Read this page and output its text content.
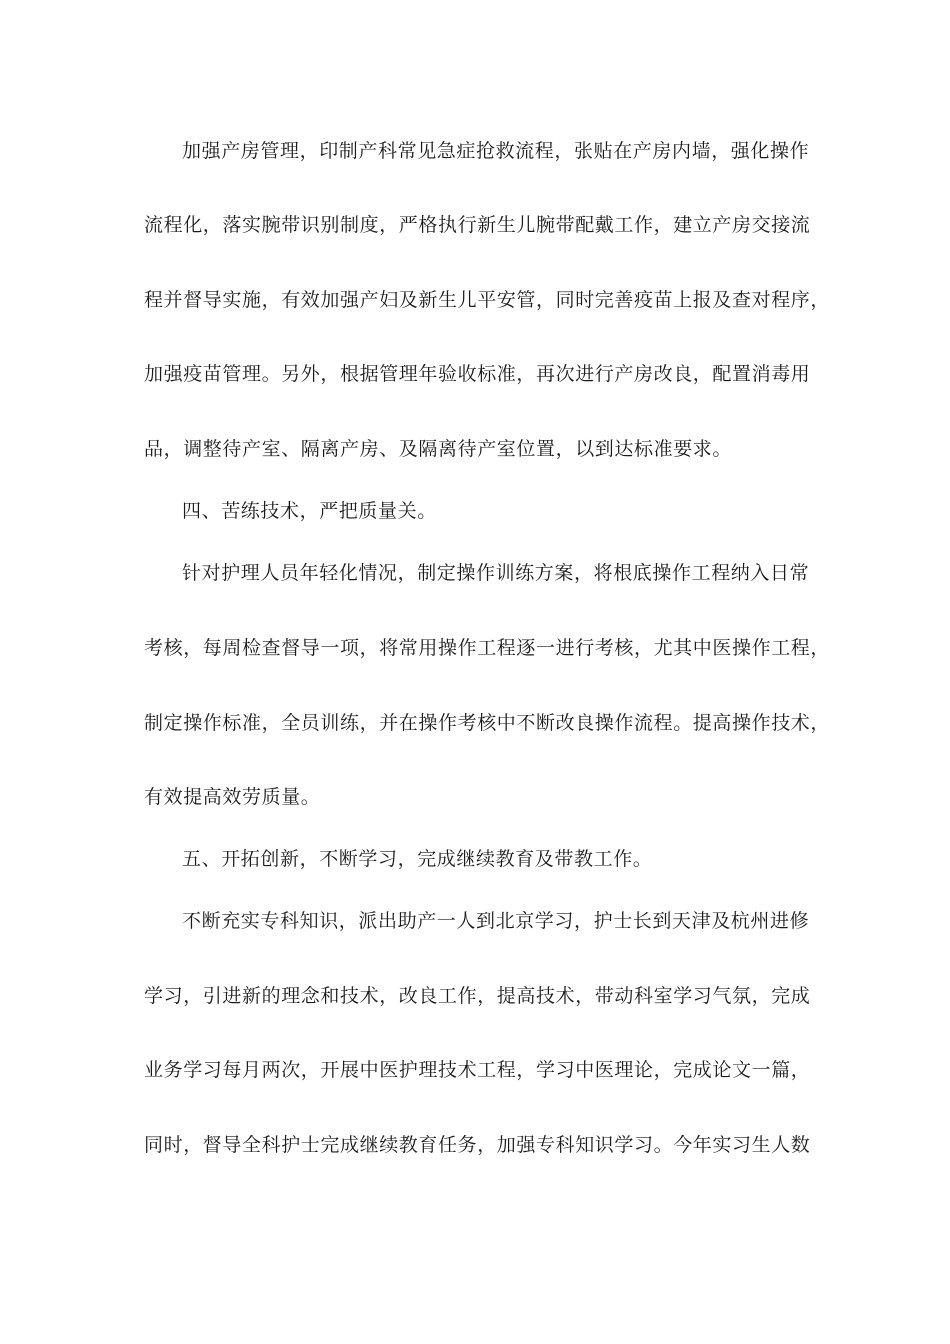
加强产房管理，印制产科常见急症抢救流程，张贴在产房内墙，强化操作
流程化，落实腕带识别制度，严格执行新生儿腕带配戴工作，建立产房交接流
程并督导实施，有效加强产妇及新生儿平安管，同时完善疫苗上报及查对程序，
加强疫苗管理。另外，根据管理年验收标准，再次进行产房改良，配置消毒用
品，调整待产室、隔离产房、及隔离待产室位置，以到达标准要求。
四、苦练技术，严把质量关。
针对护理人员年轻化情况，制定操作训练方案，将根底操作工程纳入日常
考核，每周检查督导一项，将常用操作工程逐一进行考核，尤其中医操作工程，
制定操作标准，全员训练，并在操作考核中不断改良操作流程。提高操作技术，
有效提高效劳质量。
五、开拓创新，不断学习，完成继续教育及带教工作。
不断充实专科知识，派出助产一人到北京学习，护士长到天津及杭州进修
学习，引进新的理念和技术，改良工作，提高技术，带动科室学习气氛，完成
业务学习每月两次，开展中医护理技术工程，学习中医理论，完成论文一篇，
同时，督导全科护士完成继续教育任务，加强专科知识学习。今年实习生人数
